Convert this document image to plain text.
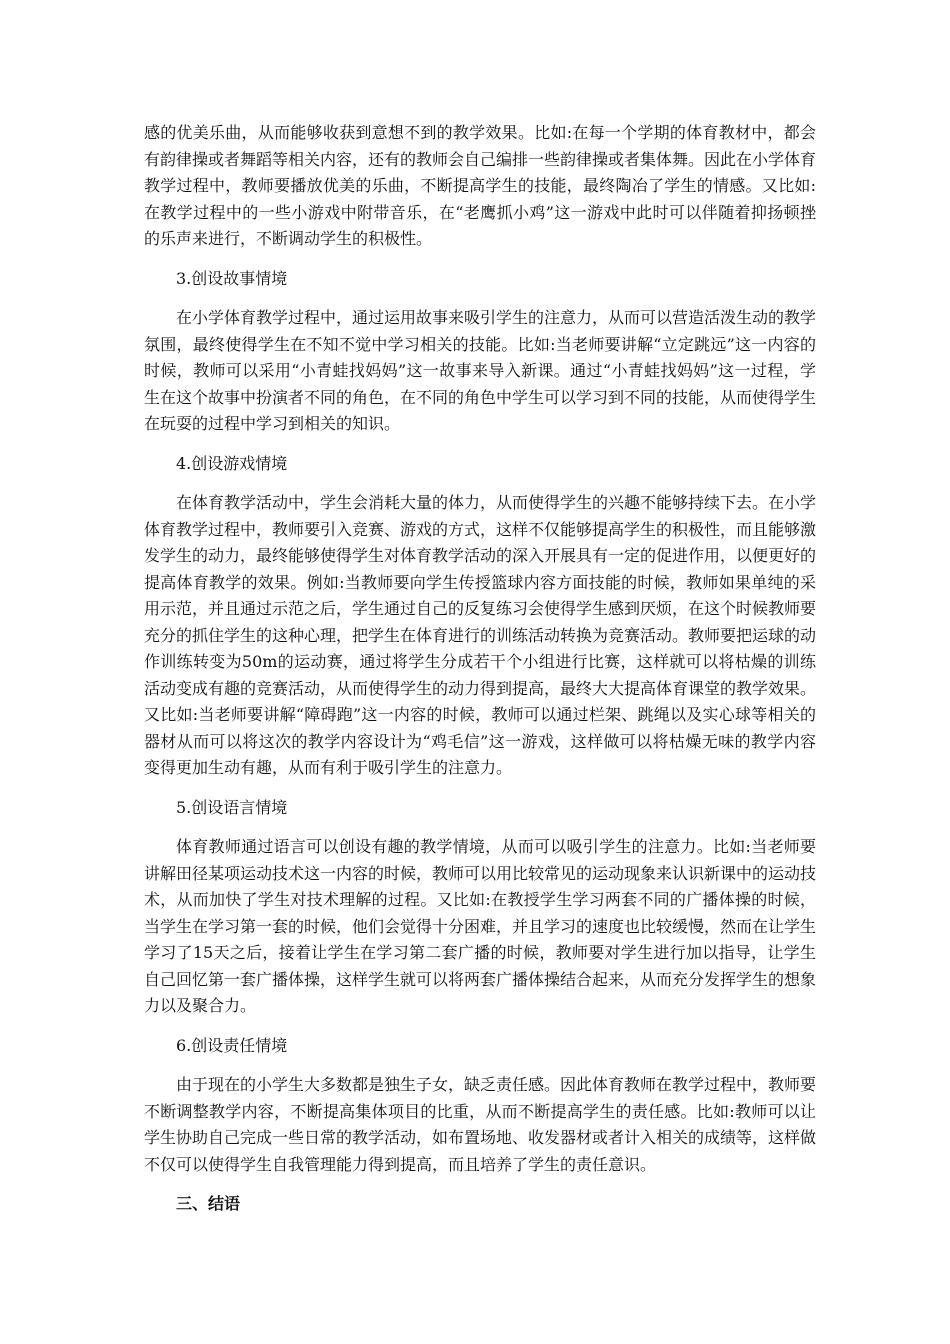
感的优美乐曲，从而能够收获到意想不到的教学效果。比如:在每一个学期的体育教材中，都会有韵律操或者舞蹈等相关内容，还有的教师会自己编排一些韵律操或者集体舞。因此在小学体育教学过程中，教师要播放优美的乐曲，不断提高学生的技能，最终陶冶了学生的情感。又比如:在教学过程中的一些小游戏中附带音乐，在“老鹰抓小鸡”这一游戏中此时可以伴随着抑扬顿挫的乐声来进行，不断调动学生的积极性。

3.创设故事情境

在小学体育教学过程中，通过运用故事来吸引学生的注意力，从而可以营造活泼生动的教学氛围，最终使得学生在不知不觉中学习相关的技能。比如:当老师要讲解“立定跳远”这一内容的时候，教师可以采用“小青蛙找妈妈”这一故事来导入新课。通过“小青蛙找妈妈”这一过程，学生在这个故事中扮演者不同的角色，在不同的角色中学生可以学习到不同的技能，从而使得学生在玩耍的过程中学习到相关的知识。

4.创设游戏情境

在体育教学活动中，学生会消耗大量的体力，从而使得学生的兴趣不能够持续下去。在小学体育教学过程中，教师要引入竞赛、游戏的方式，这样不仅能够提高学生的积极性，而且能够激发学生的动力，最终能够使得学生对体育教学活动的深入开展具有一定的促进作用，以便更好的提高体育教学的效果。例如:当教师要向学生传授篮球内容方面技能的时候，教师如果单纯的采用示范，并且通过示范之后，学生通过自己的反复练习会使得学生感到厌烦，在这个时候教师要充分的抓住学生的这种心理，把学生在体育进行的训练活动转换为竞赛活动。教师要把运球的动作训练转变为50m的运动赛，通过将学生分成若干个小组进行比赛，这样就可以将枯燥的训练活动变成有趣的竞赛活动，从而使得学生的动力得到提高，最终大大提高体育课堂的教学效果。又比如:当老师要讲解“障碍跑”这一内容的时候，教师可以通过栏架、跳绳以及实心球等相关的器材从而可以将这次的教学内容设计为“鸡毛信”这一游戏，这样做可以将枯燥无味的教学内容变得更加生动有趣，从而有利于吸引学生的注意力。

5.创设语言情境

体育教师通过语言可以创设有趣的教学情境，从而可以吸引学生的注意力。比如:当老师要讲解田径某项运动技术这一内容的时候，教师可以用比较常见的运动现象来认识新课中的运动技术，从而加快了学生对技术理解的过程。又比如:在教授学生学习两套不同的广播体操的时候，当学生在学习第一套的时候，他们会觉得十分困难，并且学习的速度也比较缓慢，然而在让学生学习了15天之后，接着让学生在学习第二套广播的时候，教师要对学生进行加以指导，让学生自己回忆第一套广播体操，这样学生就可以将两套广播体操结合起来，从而充分发挥学生的想象力以及聚合力。

6.创设责任情境

由于现在的小学生大多数都是独生子女，缺乏责任感。因此体育教师在教学过程中，教师要不断调整教学内容，不断提高集体项目的比重，从而不断提高学生的责任感。比如:教师可以让学生协助自己完成一些日常的教学活动，如布置场地、收发器材或者计入相关的成绩等，这样做不仅可以使得学生自我管理能力得到提高，而且培养了学生的责任意识。

三、结语
